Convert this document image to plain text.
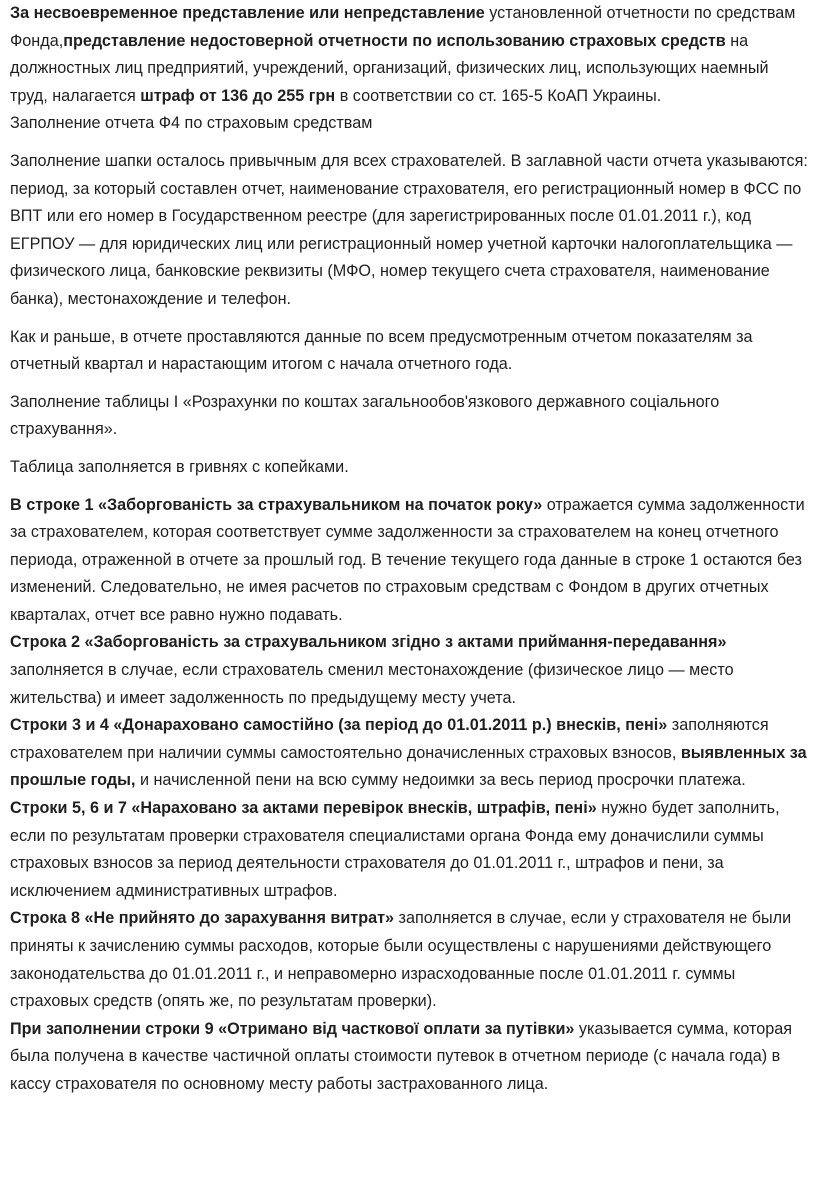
За несвоевременное представление или непредставление установленной отчетности по средствам Фонда,представление недостоверной отчетности по использованию страховых средств на должностных лиц предприятий, учреждений, организаций, физических лиц, использующих наемный труд, налагается штраф от 136 до 255 грн в соответствии со ст. 165-5 КоАП Украины.

Заполнение отчета Ф4 по страховым средствам

Заполнение шапки осталось привычным для всех страхователей. В заглавной части отчета указываются: период, за который составлен отчет, наименование страхователя, его регистрационный номер в ФСС по ВПТ или его номер в Государственном реестре (для зарегистрированных после 01.01.2011 г.), код ЕГРПОУ — для юридических лиц или регистрационный номер учетной карточки налогоплательщика — физического лица, банковские реквизиты (МФО, номер текущего счета страхователя, наименование банка), местонахождение и телефон.

Как и раньше, в отчете проставляются данные по всем предусмотренным отчетом показателям за отчетный квартал и нарастающим итогом с начала отчетного года.

Заполнение таблицы I «Розрахунки по коштах загальнообов'язкового державного соціального страхування».

Таблица заполняется в гривнях с копейками.

В строке 1 «Заборгованість за страхувальником на початок року» отражается сумма задолженности за страхователем, которая соответствует сумме задолженности за страхователем на конец отчетного периода, отраженной в отчете за прошлый год. В течение текущего года данные в строке 1 остаются без изменений. Следовательно, не имея расчетов по страховым средствам с Фондом в других отчетных кварталах, отчет все равно нужно подавать.

Строка 2 «Заборгованість за страхувальником згідно з актами приймання-передавання» заполняется в случае, если страхователь сменил местонахождение (физическое лицо — место жительства) и имеет задолженность по предыдущему месту учета.

Строки 3 и 4 «Донараховано самостійно (за період до 01.01.2011 р.) внесків, пені» заполняются страхователем при наличии суммы самостоятельно доначисленных страховых взносов, выявленных за прошлые годы, и начисленной пени на всю сумму недоимки за весь период просрочки платежа.

Строки 5, 6 и 7 «Нараховано за актами перевірок внесків, штрафів, пені» нужно будет заполнить, если по результатам проверки страхователя специалистами органа Фонда ему доначислили суммы страховых взносов за период деятельности страхователя до 01.01.2011 г., штрафов и пени, за исключением административных штрафов.

Строка 8 «Не прийнято до зарахування витрат» заполняется в случае, если у страхователя не были приняты к зачислению суммы расходов, которые были осуществлены с нарушениями действующего законодательства до 01.01.2011 г., и неправомерно израсходованные после 01.01.2011 г. суммы страховых средств (опять же, по результатам проверки).

При заполнении строки 9 «Отримано від часткової оплати за путівки» указывается сумма, которая была получена в качестве частичной оплаты стоимости путевок в отчетном периоде (с начала года) в кассу страхователя по основному месту работы застрахованного лица.
